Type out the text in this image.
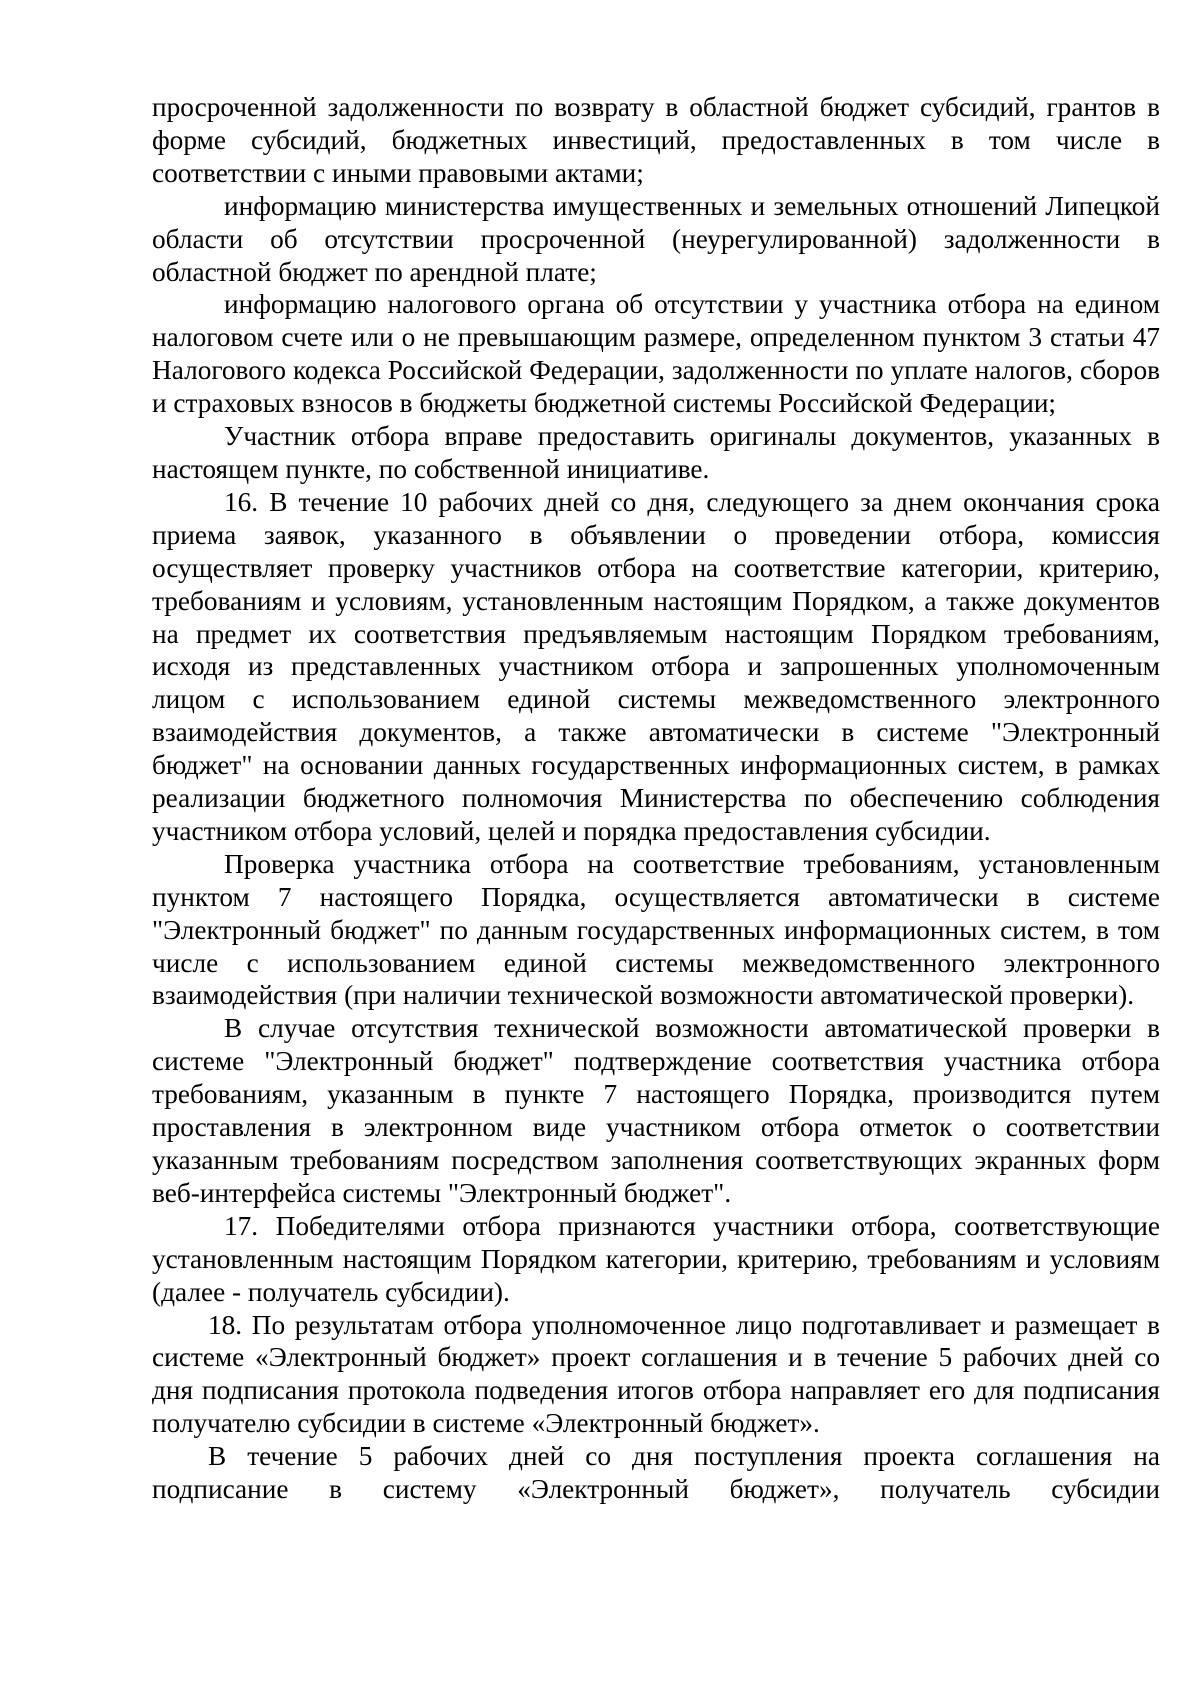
просроченной задолженности по возврату в областной бюджет субсидий, грантов в форме субсидий, бюджетных инвестиций, предоставленных в том числе в соответствии с иными правовыми актами;

информацию министерства имущественных и земельных отношений Липецкой области об отсутствии просроченной (неурегулированной) задолженности в областной бюджет по арендной плате;

информацию налогового органа об отсутствии у участника отбора на едином налоговом счете или о не превышающим размере, определенном пунктом 3 статьи 47 Налогового кодекса Российской Федерации, задолженности по уплате налогов, сборов и страховых взносов в бюджеты бюджетной системы Российской Федерации;

Участник отбора вправе предоставить оригиналы документов, указанных в настоящем пункте, по собственной инициативе.

16. В течение 10 рабочих дней со дня, следующего за днем окончания срока приема заявок, указанного в объявлении о проведении отбора, комиссия осуществляет проверку участников отбора на соответствие категории, критерию, требованиям и условиям, установленным настоящим Порядком, а также документов на предмет их соответствия предъявляемым настоящим Порядком требованиям, исходя из представленных участником отбора и запрошенных уполномоченным лицом с использованием единой системы межведомственного электронного взаимодействия документов, а также автоматически в системе "Электронный бюджет" на основании данных государственных информационных систем, в рамках реализации бюджетного полномочия Министерства по обеспечению соблюдения участником отбора условий, целей и порядка предоставления субсидии.

Проверка участника отбора на соответствие требованиям, установленным пунктом 7 настоящего Порядка, осуществляется автоматически в системе "Электронный бюджет" по данным государственных информационных систем, в том числе с использованием единой системы межведомственного электронного взаимодействия (при наличии технической возможности автоматической проверки).

В случае отсутствия технической возможности автоматической проверки в системе "Электронный бюджет" подтверждение соответствия участника отбора требованиям, указанным в пункте 7 настоящего Порядка, производится путем проставления в электронном виде участником отбора отметок о соответствии указанным требованиям посредством заполнения соответствующих экранных форм веб-интерфейса системы "Электронный бюджет".

17. Победителями отбора признаются участники отбора, соответствующие установленным настоящим Порядком категории, критерию, требованиям и условиям (далее - получатель субсидии).

18. По результатам отбора уполномоченное лицо подготавливает и размещает в системе «Электронный бюджет» проект соглашения и в течение 5 рабочих дней со дня подписания протокола подведения итогов отбора направляет его для подписания получателю субсидии в системе «Электронный бюджет».

В течение 5 рабочих дней со дня поступления проекта соглашения на подписание в систему «Электронный бюджет», получатель субсидии
